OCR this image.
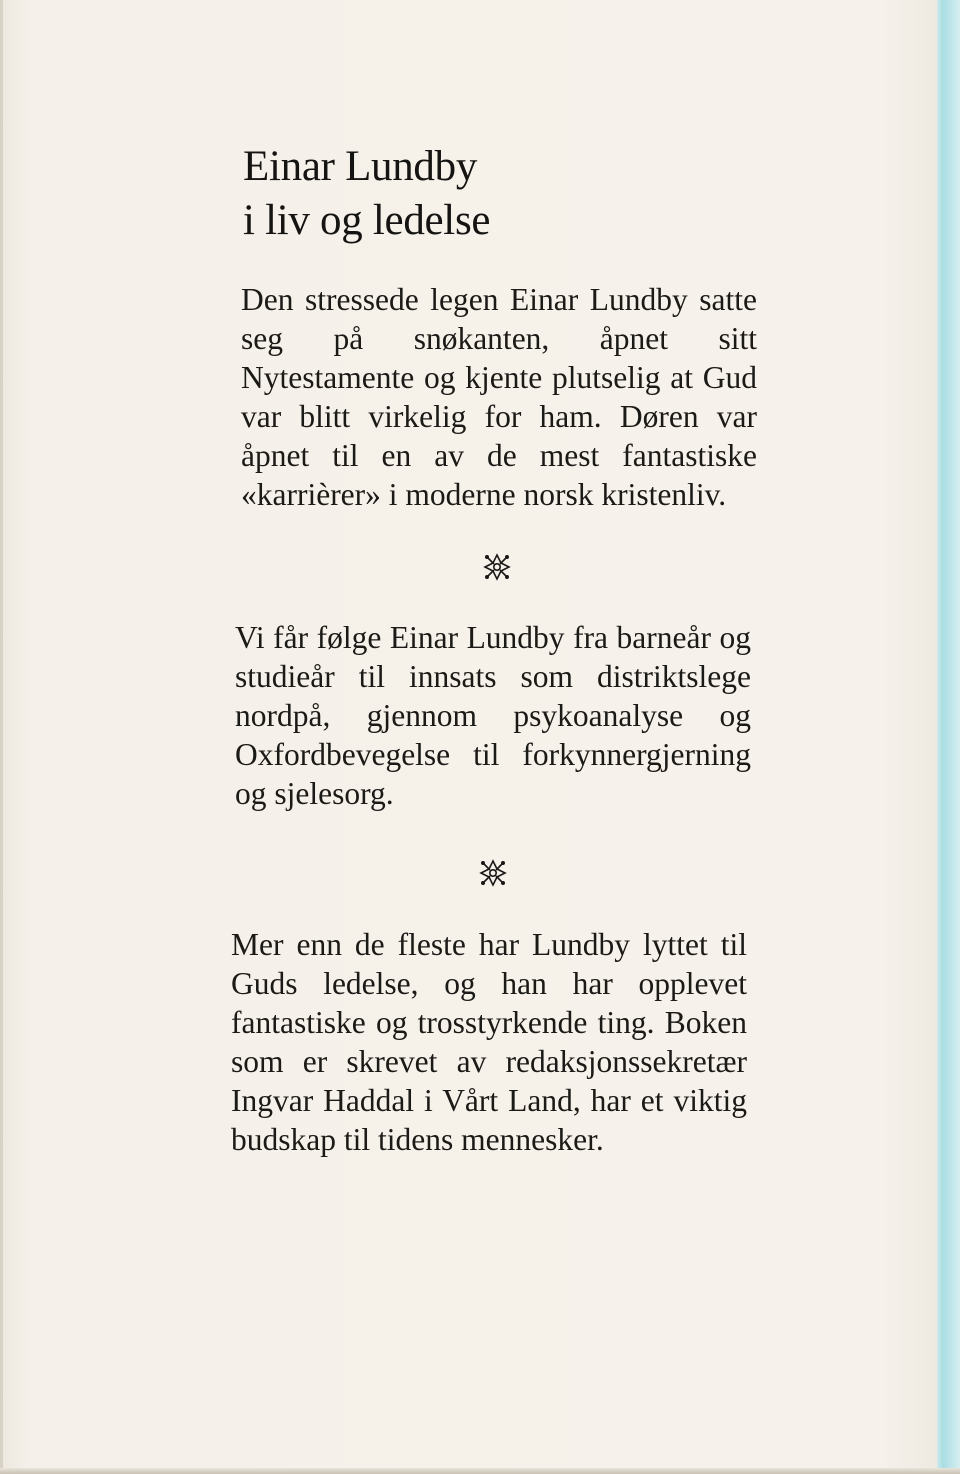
Einar Lundby
i liv og ledelse

Den stressede legen Einar Lundby satte seg på snøkanten, åpnet sitt Nytestamente og kjente plutselig at Gud var blitt virkelig for ham. Døren var åpnet til en av de mest fantastiske «karrièrer» i moderne norsk kristenliv.

Vi får følge Einar Lundby fra barneår og studieår til innsats som distriktslege nordpå, gjennom psykoanalyse og Oxfordbevegelse til forkynnergjerning og sjelesorg.

Mer enn de fleste har Lundby lyttet til Guds ledelse, og han har opplevet fantastiske og trosstyrkende ting. Boken som er skrevet av redaksjonssekretær Ingvar Haddal i Vårt Land, har et viktig budskap til tidens mennesker.
